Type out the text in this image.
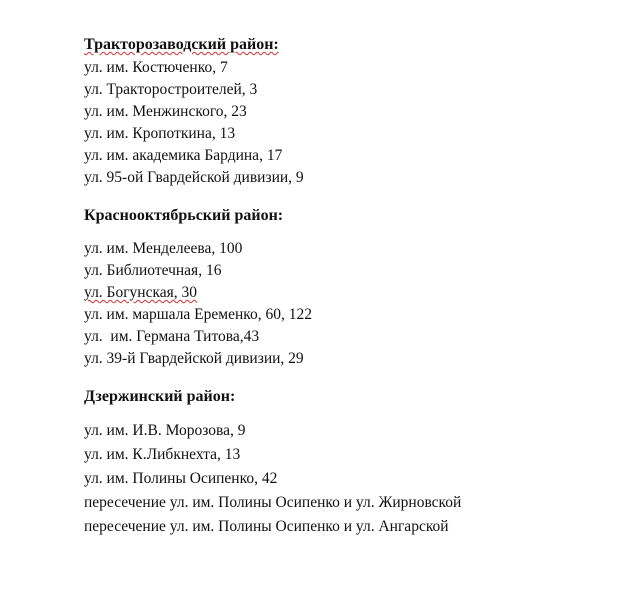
Тракторозаводский район:

ул. им. Костюченко, 7

ул. Тракторостроителей, 3

ул. им. Менжинского, 23

ул. им. Кропоткина, 13

ул. им. академика Бардина, 17

ул. 95-ой Гвардейской дивизии, 9

Краснооктябрьский район:

ул. им. Менделеева, 100

ул. Библиотечная, 16

ул. Богунская, 30

ул. им. маршала Еременко, 60, 122

ул.  им. Германа Титова,43

ул. 39-й Гвардейской дивизии, 29

Дзержинский район:

ул. им. И.В. Морозова, 9

ул. им. К.Либкнехта, 13

ул. им. Полины Осипенко, 42

пересечение ул. им. Полины Осипенко и ул. Жирновской

пересечение ул. им. Полины Осипенко и ул. Ангарской
